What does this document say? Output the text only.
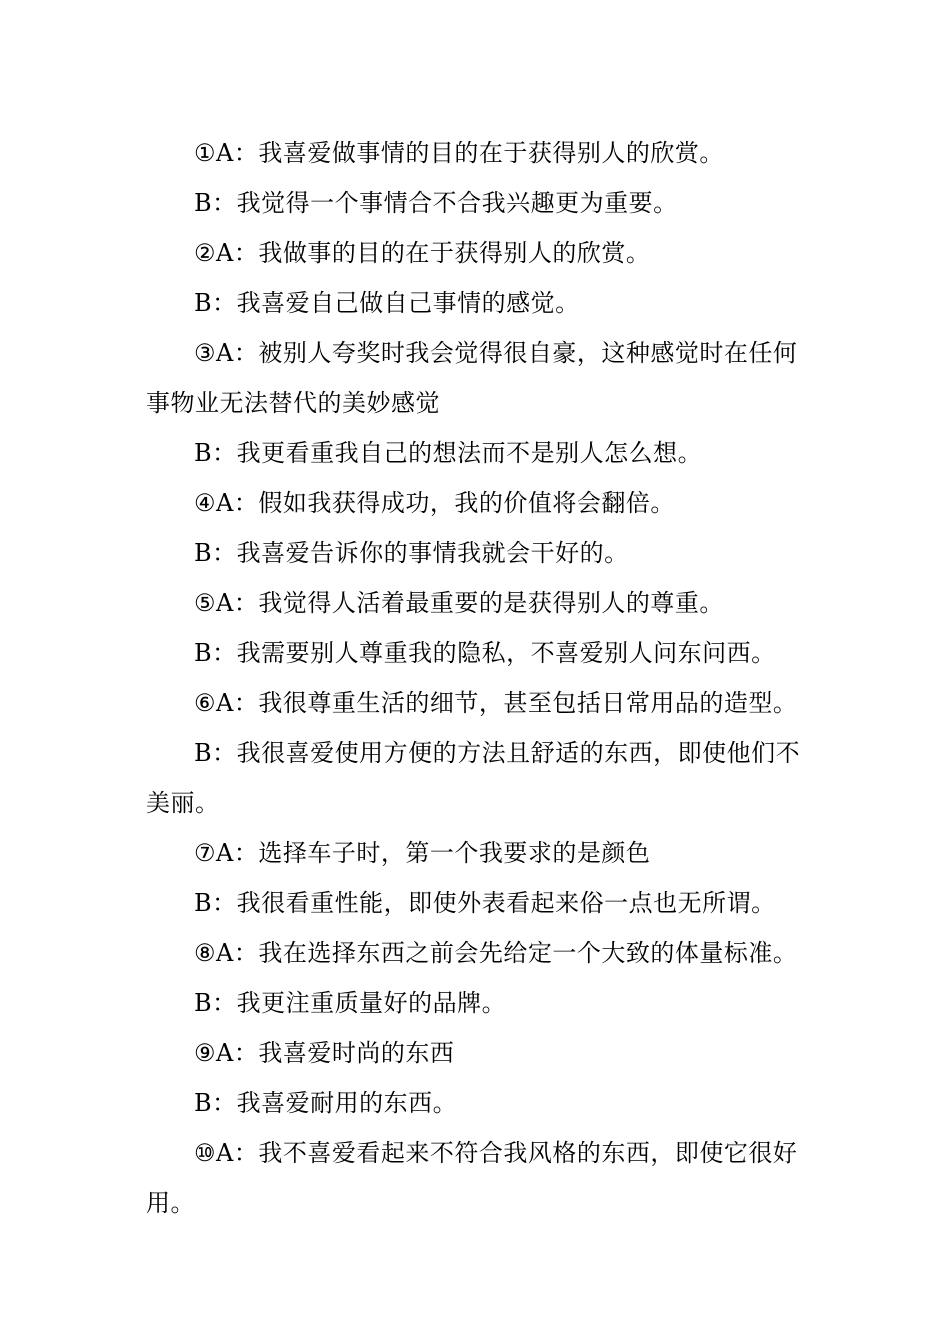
①A：我喜爱做事情的目的在于获得别人的欣赏。

B：我觉得一个事情合不合我兴趣更为重要。

②A：我做事的目的在于获得别人的欣赏。

B：我喜爱自己做自己事情的感觉。

③A：被别人夸奖时我会觉得很自豪，这种感觉时在任何事物业无法替代的美妙感觉

B：我更看重我自己的想法而不是别人怎么想。

④A：假如我获得成功，我的价值将会翻倍。

B：我喜爱告诉你的事情我就会干好的。

⑤A：我觉得人活着最重要的是获得别人的尊重。

B：我需要别人尊重我的隐私，不喜爱别人问东问西。

⑥A：我很尊重生活的细节，甚至包括日常用品的造型。

B：我很喜爱使用方便的方法且舒适的东西，即使他们不美丽。

⑦A：选择车子时，第一个我要求的是颜色

B：我很看重性能，即使外表看起来俗一点也无所谓。

⑧A：我在选择东西之前会先给定一个大致的体量标准。

B：我更注重质量好的品牌。

⑨A：我喜爱时尚的东西

B：我喜爱耐用的东西。

⑩A：我不喜爱看起来不符合我风格的东西，即使它很好用。
